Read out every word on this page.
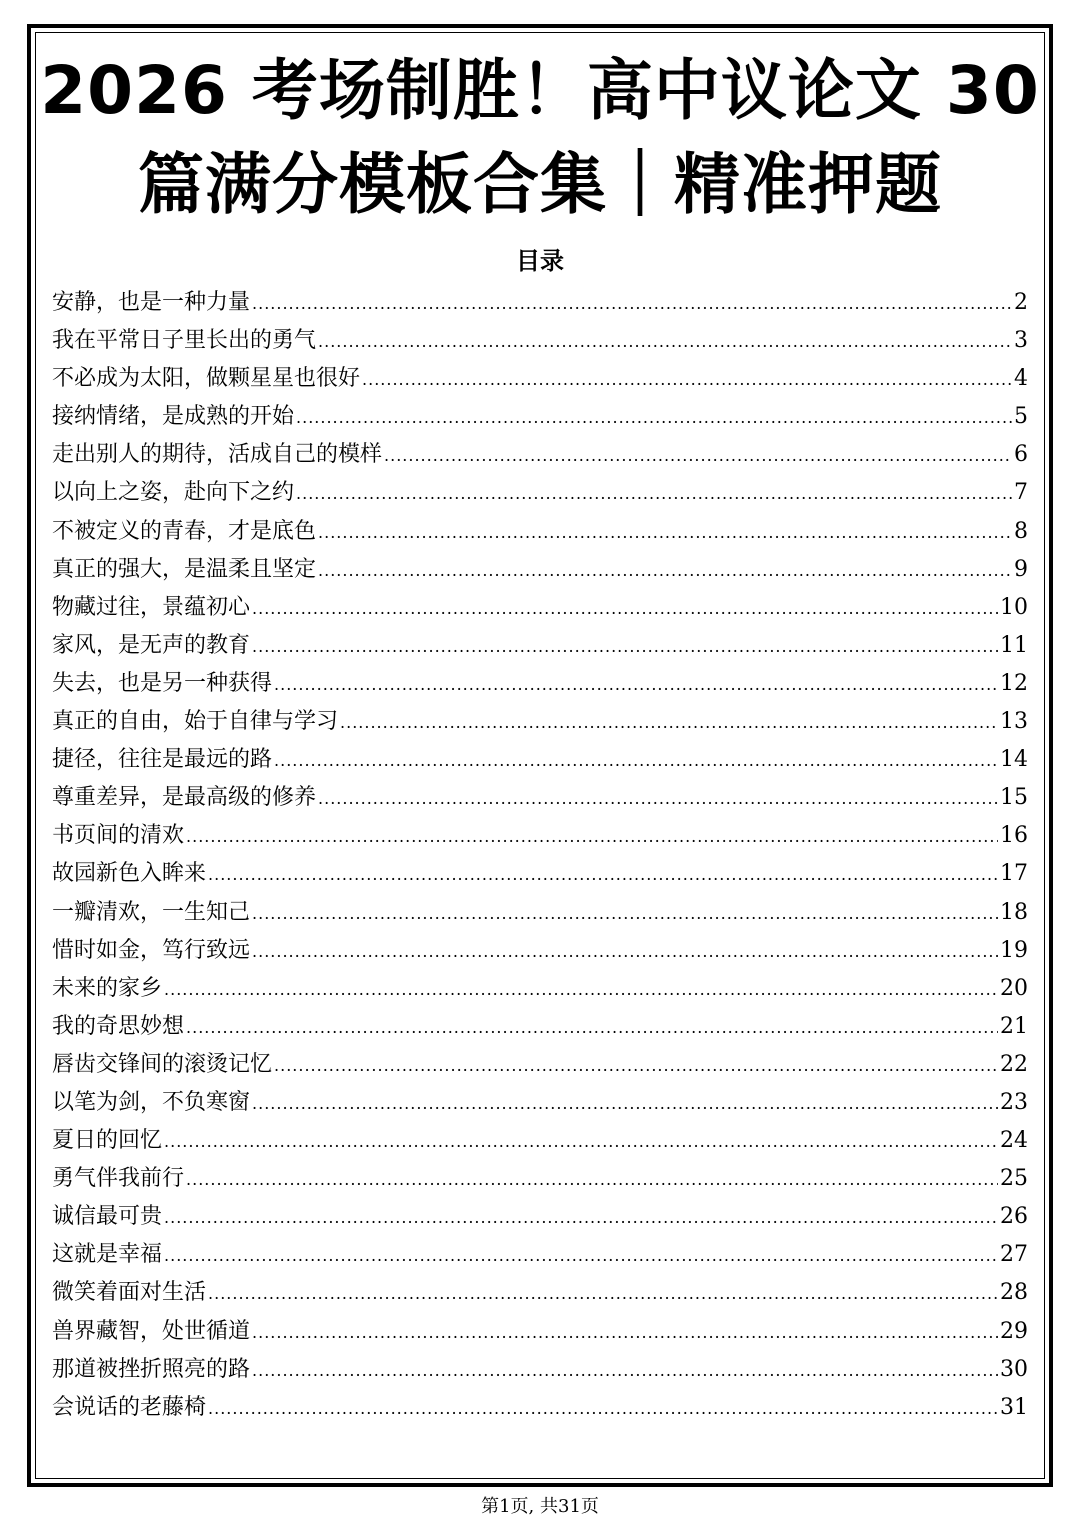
2026 考场制胜！高中议论文 30 篇满分模板合集｜精准押题
目录
安静，也是一种力量 .....	2
我在平常日子里长出的勇气 .....	3
不必成为太阳，做颗星星也很好 .....	4
接纳情绪，是成熟的开始 .....	5
走出别人的期待，活成自己的模样 .....	6
以向上之姿，赴向下之约 .....	7
不被定义的青春，才是底色 .....	8
真正的强大，是温柔且坚定 .....	9
物藏过往，景蕴初心 .....	10
家风，是无声的教育 .....	11
失去，也是另一种获得 .....	12
真正的自由，始于自律与学习 .....	13
捷径，往往是最远的路 .....	14
尊重差异，是最高级的修养 .....	15
书页间的清欢 .....	16
故园新色入眸来 .....	17
一瓣清欢，一生知己 .....	18
惜时如金，笃行致远 .....	19
未来的家乡 .....	20
我的奇思妙想 .....	21
唇齿交锋间的滚烫记忆 .....	22
以笔为剑，不负寒窗 .....	23
夏日的回忆 .....	24
勇气伴我前行 .....	25
诚信最可贵 .....	26
这就是幸福 .....	27
微笑着面对生活 .....	28
兽界藏智，处世循道 .....	29
那道被挫折照亮的路 .....	30
会说话的老藤椅 .....	31
第1页, 共31页
